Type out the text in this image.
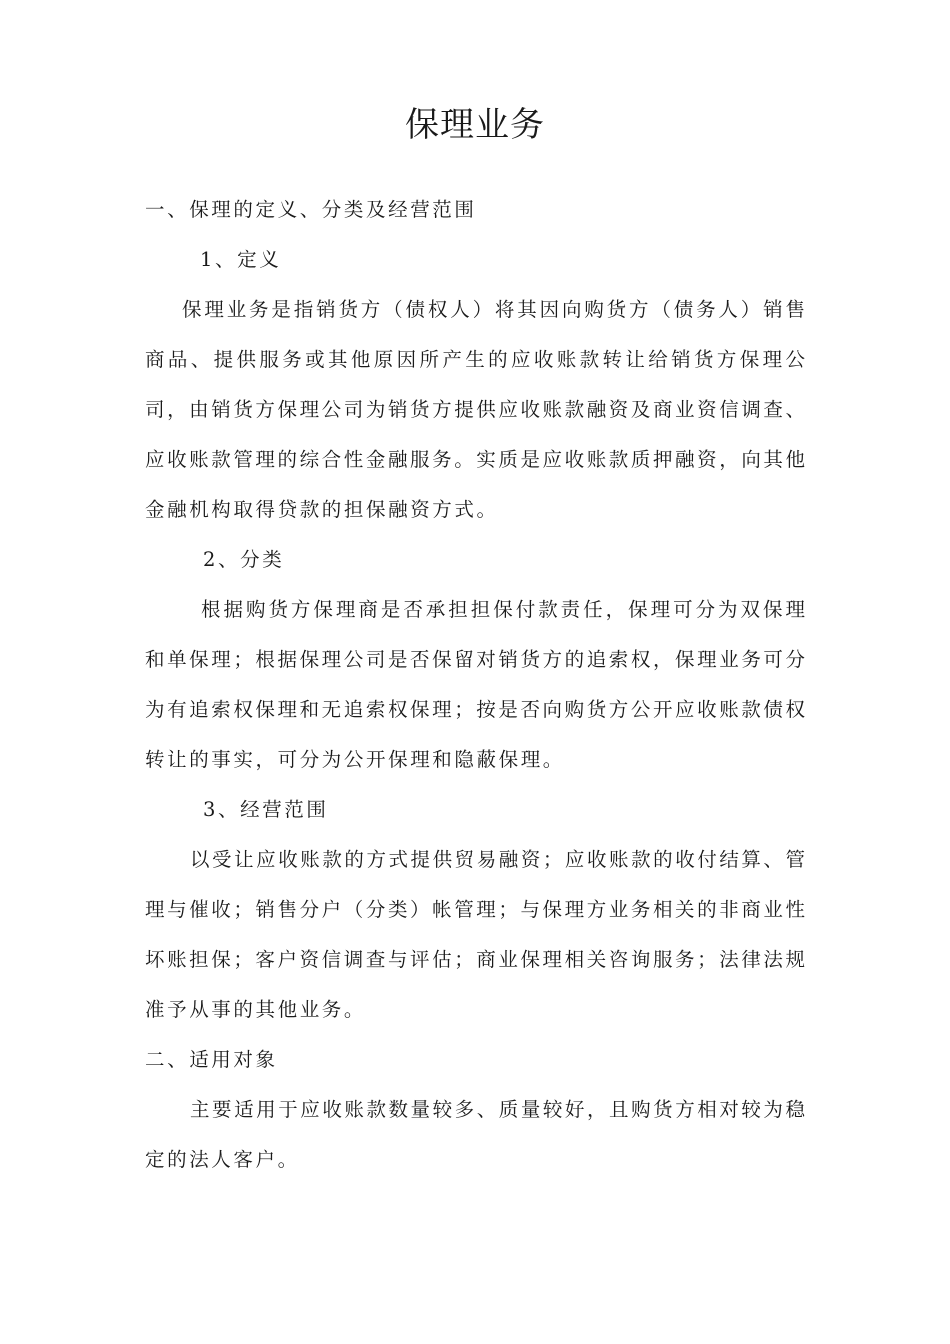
保理业务
一、保理的定义、分类及经营范围
1、定义
保理业务是指销货方（债权人）将其因向购货方（债务人）销售
商品、提供服务或其他原因所产生的应收账款转让给销货方保理公
司，由销货方保理公司为销货方提供应收账款融资及商业资信调查、
应收账款管理的综合性金融服务。实质是应收账款质押融资，向其他
金融机构取得贷款的担保融资方式。
2、分类
根据购货方保理商是否承担担保付款责任，保理可分为双保理
和单保理；根据保理公司是否保留对销货方的追索权，保理业务可分
为有追索权保理和无追索权保理；按是否向购货方公开应收账款债权
转让的事实，可分为公开保理和隐蔽保理。
3、经营范围
以受让应收账款的方式提供贸易融资；应收账款的收付结算、管
理与催收；销售分户（分类）帐管理；与保理方业务相关的非商业性
坏账担保；客户资信调查与评估；商业保理相关咨询服务；法律法规
准予从事的其他业务。
二、适用对象
主要适用于应收账款数量较多、质量较好，且购货方相对较为稳
定的法人客户。
